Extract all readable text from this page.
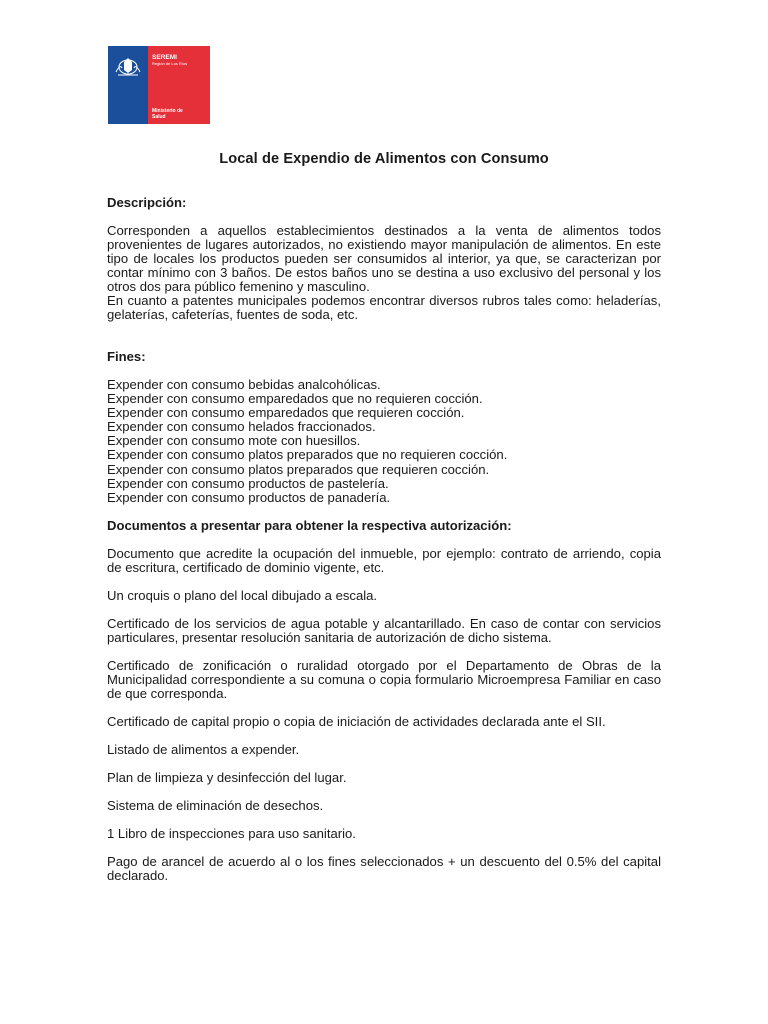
SEREMI
Región de Los Ríos
Ministerio de
Salud
Local de Expendio de Alimentos con Consumo
Descripción:

Corresponden a aquellos establecimientos destinados a la venta de alimentos todos provenientes de lugares autorizados, no existiendo mayor manipulación de alimentos. En este tipo de locales los productos pueden ser consumidos al interior, ya que, se caracterizan por contar mínimo con 3 baños. De estos baños uno se destina a uso exclusivo del personal y los otros dos para público femenino y masculino.

En cuanto a patentes municipales podemos encontrar diversos rubros tales como: heladerías, gelaterías, cafeterías, fuentes de soda, etc.

Fines:
Expender con consumo bebidas analcohólicas.
Expender con consumo emparedados que no requieren cocción.
Expender con consumo emparedados que requieren cocción.
Expender con consumo helados fraccionados.
Expender con consumo mote con huesillos.
Expender con consumo platos preparados que no requieren cocción.
Expender con consumo platos preparados que requieren cocción.
Expender con consumo productos de pastelería.
Expender con consumo productos de panadería.
Documentos a presentar para obtener la respectiva autorización:

Documento que acredite la ocupación del inmueble, por ejemplo: contrato de arriendo, copia de escritura, certificado de dominio vigente, etc.

Un croquis o plano del local dibujado a escala.

Certificado de los servicios de agua potable y alcantarillado. En caso de contar con servicios particulares, presentar resolución sanitaria de autorización de dicho sistema.

Certificado de zonificación o ruralidad otorgado por el Departamento de Obras de la Municipalidad correspondiente a su comuna o copia formulario Microempresa Familiar en caso de que corresponda.

Certificado de capital propio o copia de iniciación de actividades declarada ante el SII.

Listado de alimentos a expender.

Plan de limpieza y desinfección del lugar.

Sistema de eliminación de desechos.

1 Libro de inspecciones para uso sanitario.

Pago de arancel de acuerdo al o los fines seleccionados + un descuento del 0.5% del capital declarado.
